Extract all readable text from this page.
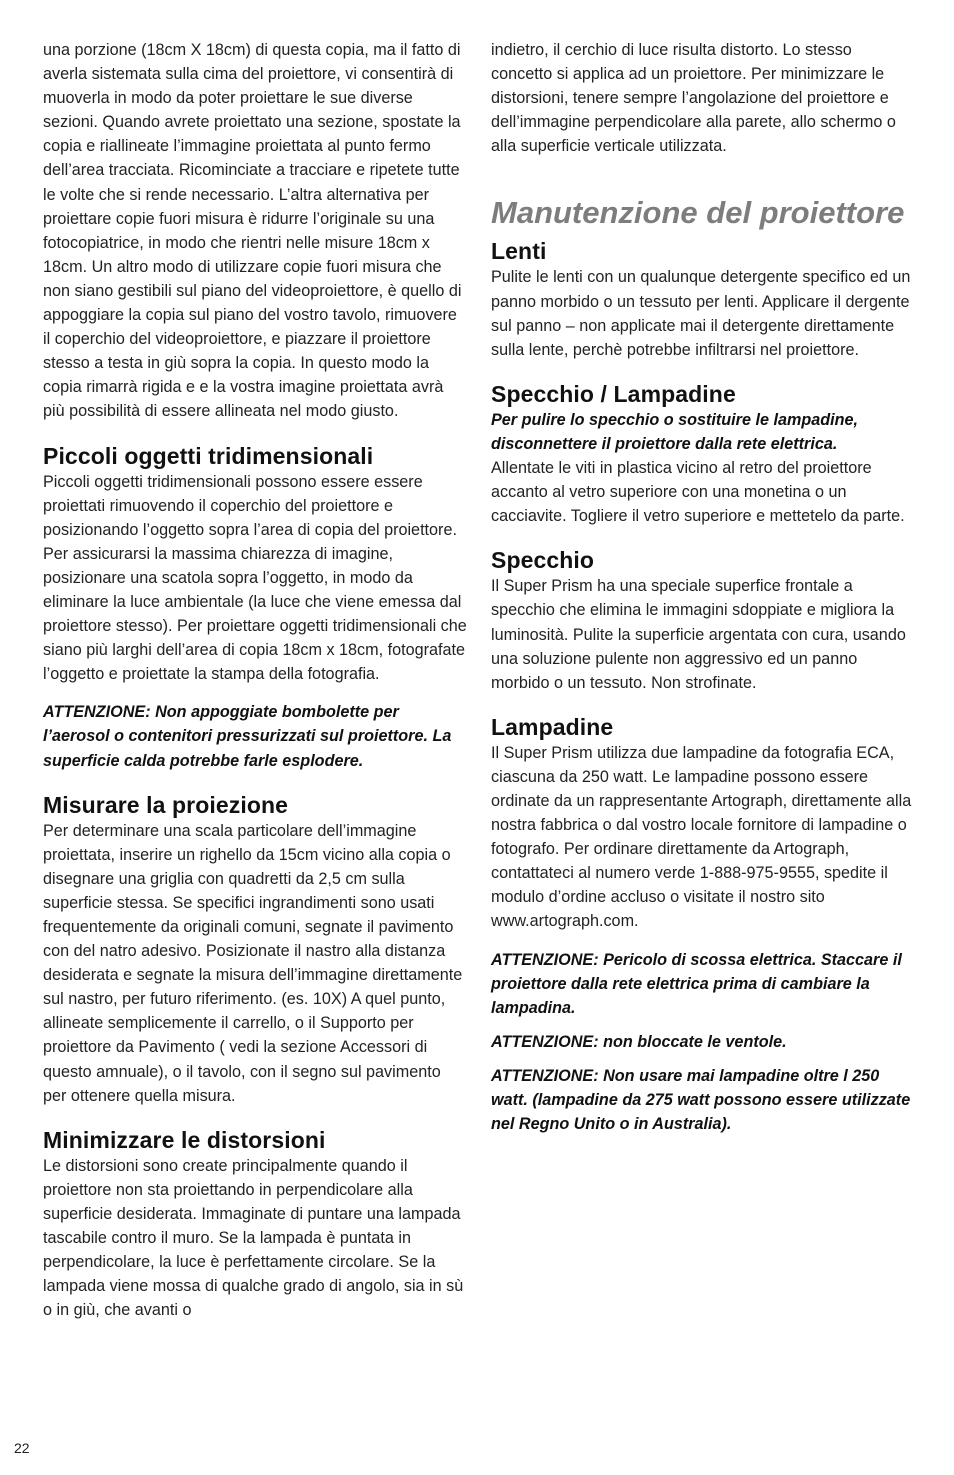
una porzione (18cm X 18cm) di questa copia, ma il fatto di averla sistemata sulla cima del proiettore, vi consentirà di muoverla in modo da poter proiettare le sue diverse sezioni. Quando avrete proiettato una sezione, spostate la copia e riallineate l’immagine proiettata al punto fermo dell’area tracciata. Ricominciate a tracciare e ripetete tutte le volte che si rende necessario. L’altra alternativa per proiettare copie fuori misura è ridurre l’originale su una fotocopiatrice, in modo che rientri nelle misure 18cm x 18cm. Un altro modo di utilizzare copie fuori misura che non siano gestibili sul piano del videoproiettore, è quello di appoggiare la copia sul piano del vostro tavolo, rimuovere il coperchio del videoproiettore, e piazzare il proiettore stesso a testa in giù sopra la copia. In questo modo la copia rimarrà rigida e e la vostra imagine proiettata avrà più possibilità di essere allineata nel modo giusto.

Piccoli oggetti tridimensionali

Piccoli oggetti tridimensionali possono essere essere proiettati rimuovendo il coperchio del proiettore e posizionando l’oggetto sopra l’area di copia del proiettore. Per assicurarsi la massima chiarezza di imagine, posizionare una scatola sopra l’oggetto, in modo da eliminare la luce ambientale (la luce che viene emessa dal proiettore stesso). Per proiettare oggetti tridimensionali che siano più larghi dell’area di copia 18cm x 18cm, fotografate l’oggetto e proiettate la stampa della fotografia.

ATTENZIONE: Non appoggiate bombolette per l’aerosol o contenitori pressurizzati sul proiettore. La superficie calda potrebbe farle esplodere.

Misurare la proiezione

Per determinare una scala particolare dell’immagine proiettata, inserire un righello da 15cm vicino alla copia o disegnare una griglia con quadretti da 2,5 cm sulla superficie stessa. Se specifici ingrandimenti sono usati frequentemente da originali comuni, segnate il pavimento con del natro adesivo. Posizionate il nastro alla distanza desiderata e segnate la misura dell’immagine direttamente sul nastro, per futuro riferimento. (es. 10X) A quel punto, allineate semplicemente il carrello, o il Supporto per proiettore da Pavimento ( vedi la sezione Accessori di questo amnuale), o il tavolo, con il segno sul pavimento per ottenere quella misura.

Minimizzare le distorsioni

Le distorsioni sono create principalmente quando il proiettore non sta proiettando in perpendicolare alla superficie desiderata. Immaginate di puntare una lampada tascabile contro il muro. Se la lampada è puntata in perpendicolare, la luce è perfettamente circolare. Se la lampada viene mossa di qualche grado di angolo, sia in sù o in giù, che avanti o

indietro, il cerchio di luce risulta distorto. Lo stesso concetto si applica ad un proiettore. Per minimizzare le distorsioni, tenere sempre l’angolazione del proiettore e dell’immagine perpendicolare alla parete, allo schermo o alla superficie verticale utilizzata.

Manutenzione del proiettore
Lenti

Pulite le lenti con un qualunque detergente specifico ed un panno morbido o un tessuto per lenti. Applicare il dergente sul panno – non applicate mai il detergente direttamente sulla lente, perchè potrebbe infiltrarsi nel proiettore.

Specchio / Lampadine

Per pulire lo specchio o sostituire le lampadine, disconnettere il proiettore dalla rete elettrica.

Allentate le viti in plastica vicino al retro del proiettore accanto al vetro superiore con una monetina o un cacciavite. Togliere il vetro superiore e mettetelo da parte.

Specchio

Il Super Prism ha una speciale superfice frontale a specchio che elimina le immagini sdoppiate e migliora la luminosità. Pulite la superficie argentata con cura, usando una soluzione pulente non aggressivo ed un panno morbido o un tessuto. Non strofinate.

Lampadine

Il Super Prism utilizza due lampadine da fotografia ECA, ciascuna da 250 watt. Le lampadine possono essere ordinate da un rappresentante Artograph, direttamente alla nostra fabbrica o dal vostro locale fornitore di lampadine o fotografo. Per ordinare direttamente da Artograph, contattateci al numero verde 1-888-975-9555, spedite il modulo d’ordine accluso o visitate il nostro sito www.artograph.com.

ATTENZIONE: Pericolo di scossa elettrica. Staccare il proiettore dalla rete elettrica prima di cambiare la lampadina.

ATTENZIONE: non bloccate le ventole.

ATTENZIONE: Non usare mai lampadine oltre l 250 watt. (lampadine da 275 watt possono essere utilizzate nel Regno Unito o in Australia).

22
